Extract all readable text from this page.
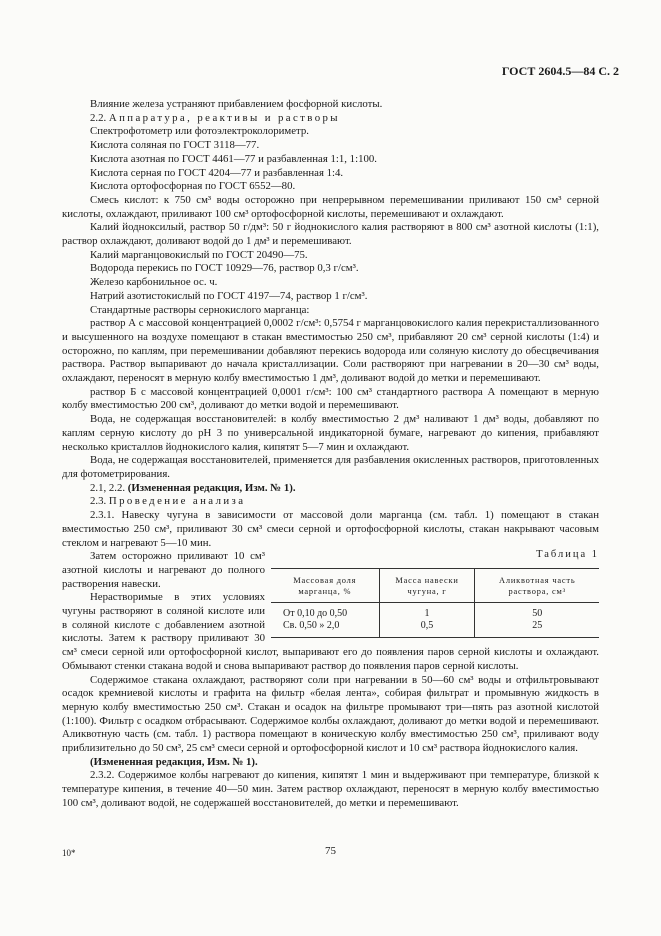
ГОСТ 2604.5—84 С. 2

Влияние железа устраняют прибавлением фосфорной кислоты.

2.2. Аппаратура, реактивы и растворы

Спектрофотометр или фотоэлектроколориметр.

Кислота соляная по ГОСТ 3118—77.

Кислота азотная по ГОСТ 4461—77 и разбавленная 1:1, 1:100.

Кислота серная по ГОСТ 4204—77 и разбавленная 1:4.

Кислота ортофосфорная по ГОСТ 6552—80.

Смесь кислот: к 750 см³ воды осторожно при непрерывном перемешивании приливают 150 см³ серной кислоты, охлаждают, приливают 100 см³ ортофосфорной кислоты, перемешивают и охлаждают.

Калий йодноксилый, раствор 50 г/дм³: 50 г йоднокислого калия растворяют в 800 см³ азотной кислоты (1:1), раствор охлаждают, доливают водой до 1 дм³ и перемешивают.

Калий марганцовокислый по ГОСТ 20490—75.

Водорода перекись по ГОСТ 10929—76, раствор 0,3 г/см³.

Железо карбонильное ос. ч.

Натрий азотистокислый по ГОСТ 4197—74, раствор 1 г/см³.

Стандартные растворы сернокислого марганца:

раствор А с массовой концентрацией 0,0002 г/см³: 0,5754 г марганцовокислого калия перекристаллизованного и высушенного на воздухе помещают в стакан вместимостью 250 см³, прибавляют 20 см³ серной кислоты (1:4) и осторожно, по каплям, при перемешивании добавляют перекись водорода или соляную кислоту до обесцвечивания раствора. Раствор выпаривают до начала кристаллизации. Соли растворяют при нагревании в 20—30 см³ воды, охлаждают, переносят в мерную колбу вместимостью 1 дм³, доливают водой до метки и перемешивают.

раствор Б с массовой концентрацией 0,0001 г/см³: 100 см³ стандартного раствора А помещают в мерную колбу вместимостью 200 см³, доливают до метки водой и перемешивают.

Вода, не содержащая восстановителей: в колбу вместимостью 2 дм³ наливают 1 дм³ воды, добавляют по каплям серную кислоту до рН 3 по универсальной индикаторной бумаге, нагревают до кипения, прибавляют несколько кристаллов йоднокислого калия, кипятят 5—7 мин и охлаждают.

Вода, не содержащая восстановителей, применяется для разбавления окисленных растворов, приготовленных для фотометрирования.

2.1, 2.2. (Измененная редакция, Изм. № 1).

2.3. Проведение анализа

2.3.1. Навеску чугуна в зависимости от массовой доли марганца (см. табл. 1) помещают в стакан вместимостью 250 см³, приливают 30 см³ смеси серной и ортофосфорной кислоты, стакан накрывают часовым стеклом и нагревают 5—10 мин.

Таблица 1
Массовая доля марганца, %	Масса навески чугуна, г	Аликвотная часть раствора, см³
От 0,10 до 0,50	1	50
Св. 0,50 » 2,0	0,5	25

Затем осторожно приливают 10 см³ азотной кислоты и нагревают до полного растворения навески.

Нерастворимые в этих условиях чугуны растворяют в соляной кислоте или в соляной кислоте с добавлением азотной кислоты. Затем к раствору приливают 30 см³ смеси серной или ортофосфорной кислот, выпаривают его до появления паров серной кислоты и охлаждают. Обмывают стенки стакана водой и снова выпаривают раствор до появления паров серной кислоты.

Содержимое стакана охлаждают, растворяют соли при нагревании в 50—60 см³ воды и отфильтровывают осадок кремниевой кислоты и графита на фильтр «белая лента», собирая фильтрат и промывную жидкость в мерную колбу вместимостью 250 см³. Стакан и осадок на фильтре промывают три—пять раз азотной кислотой (1:100). Фильтр с осадком отбрасывают. Содержимое колбы охлаждают, доливают до метки водой и перемешивают. Аликвотную часть (см. табл. 1) раствора помещают в коническую колбу вместимостью 250 см³, приливают воду приблизительно до 50 см³, 25 см³ смеси серной и ортофосфорной кислот и 10 см³ раствора йоднокислого калия.

(Измененная редакция, Изм. № 1).

2.3.2. Содержимое колбы нагревают до кипения, кипятят 1 мин и выдерживают при температуре, близкой к температуре кипения, в течение 40—50 мин. Затем раствор охлаждают, переносят в мерную колбу вместимостью 100 см³, доливают водой, не содержашей восстановителей, до метки и перемешивают.

10*	75
